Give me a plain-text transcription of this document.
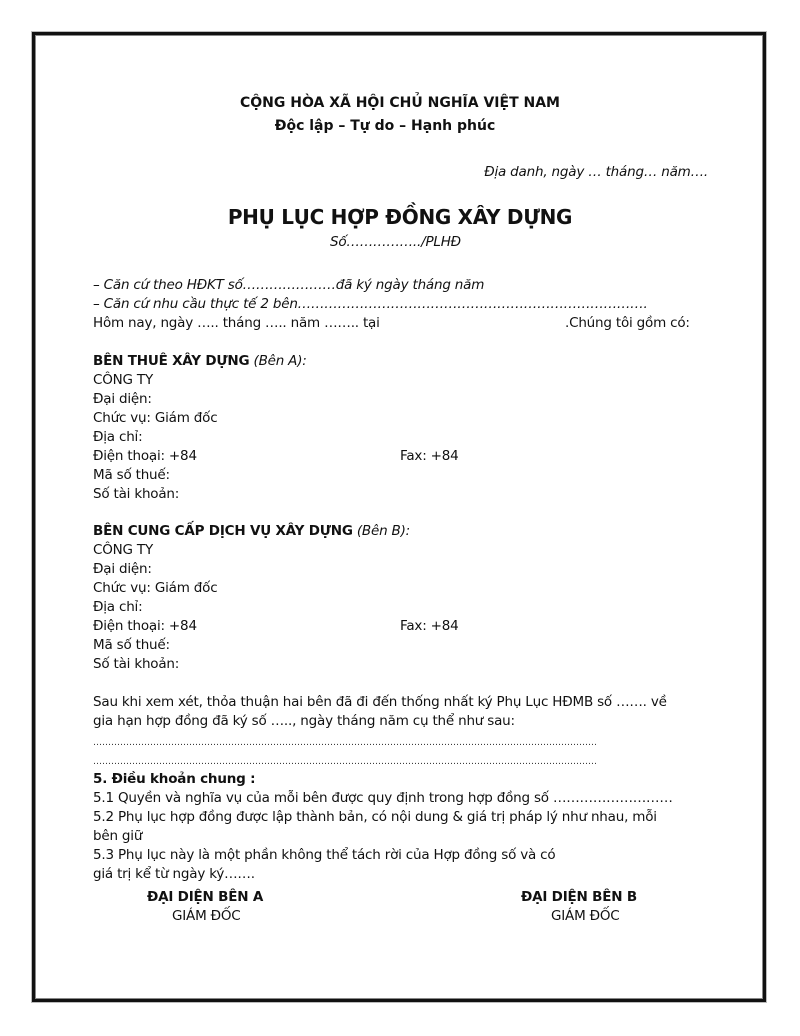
CỘNG HÒA XÃ HỘI CHỦ NGHĨA VIỆT NAM
Độc lập – Tự do – Hạnh phúc
Địa danh, ngày … tháng… năm….
PHỤ LỤC HỢP ĐỒNG XÂY DỰNG
Số……………../PLHĐ
– Căn cứ theo HĐKT số…………………đã ký ngày tháng năm
– Căn cứ nhu cầu thực tế 2 bên…………………………………………………………………….
Hôm nay, ngày ….. tháng ….. năm …….. tại	.Chúng tôi gồm có:
BÊN THUÊ XÂY DỰNG (Bên A):
CÔNG TY
Đại diện:
Chức vụ: Giám đốc
Địa chỉ:
Điện thoại: +84	Fax: +84
Mã số thuế:
Số tài khoản:
BÊN CUNG CẤP DỊCH VỤ XÂY DỰNG (Bên B):
CÔNG TY
Đại diện:
Chức vụ: Giám đốc
Địa chỉ:
Điện thoại: +84	Fax: +84
Mã số thuế:
Số tài khoản:
Sau khi xem xét, thỏa thuận hai bên đã đi đến thống nhất ký Phụ Lục HĐMB số ……. về
gia hạn hợp đồng đã ký số ….., ngày tháng năm cụ thể như sau:
……………………………………………………………………………………………………………………………………………………
……………………………………………………………………………………………………………………………………………………
5. Điều khoản chung :
5.1 Quyền và nghĩa vụ của mỗi bên được quy định trong hợp đồng số ………………………
5.2 Phụ lục hợp đồng được lập thành bản, có nội dung & giá trị pháp lý như nhau, mỗi
bên giữ
5.3 Phụ lục này là một phần không thể tách rời của Hợp đồng số và có
giá trị kể từ ngày ký…….
ĐẠI DIỆN BÊN A
GIÁM ĐỐC
ĐẠI DIỆN BÊN B
GIÁM ĐỐC
